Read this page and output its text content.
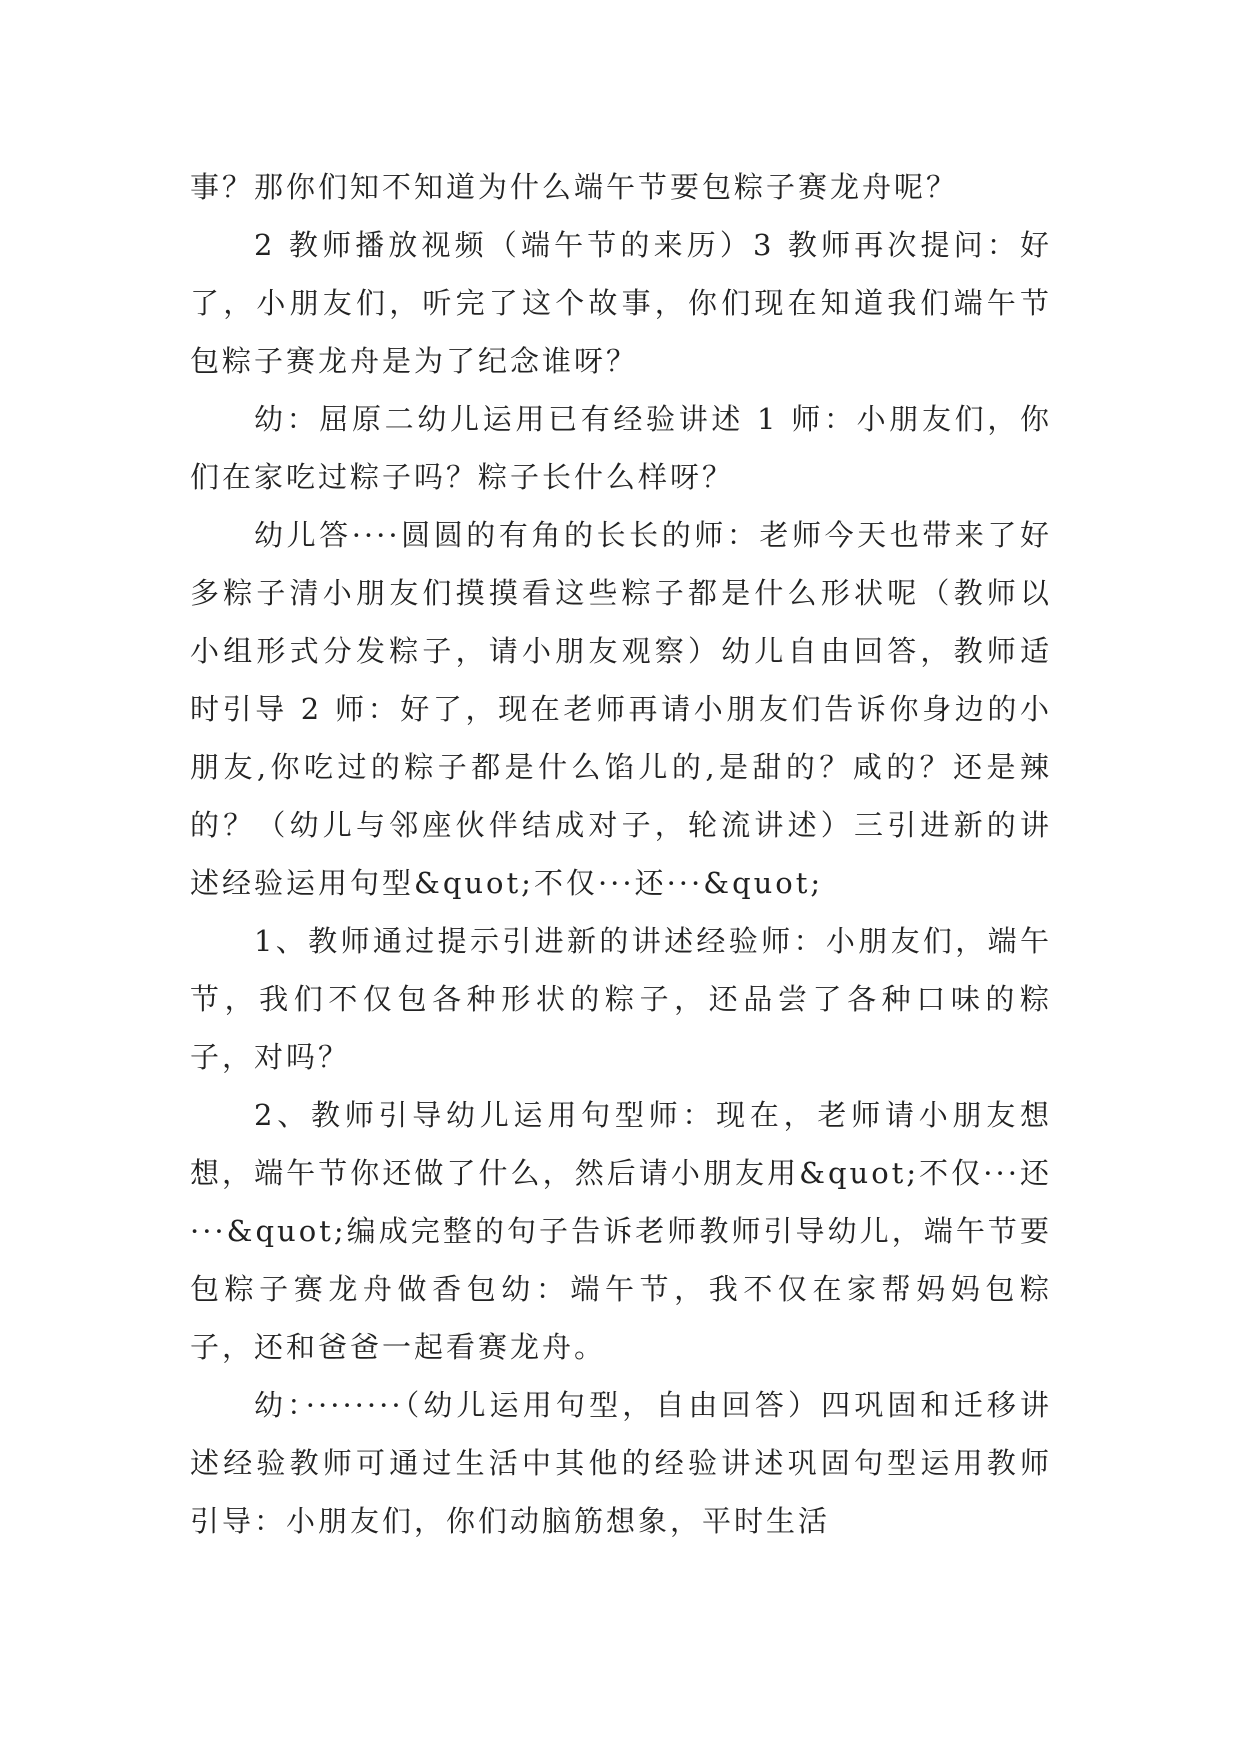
事？那你们知不知道为什么端午节要包粽子赛龙舟呢？

2 教师播放视频（端午节的来历）3 教师再次提问：好了，小朋友们，听完了这个故事，你们现在知道我们端午节包粽子赛龙舟是为了纪念谁呀？

幼：屈原二幼儿运用已有经验讲述 1 师：小朋友们，你们在家吃过粽子吗？粽子长什么样呀？

幼儿答····圆圆的有角的长长的师：老师今天也带来了好多粽子清小朋友们摸摸看这些粽子都是什么形状呢（教师以小组形式分发粽子，请小朋友观察）幼儿自由回答，教师适时引导 2 师：好了，现在老师再请小朋友们告诉你身边的小朋友,你吃过的粽子都是什么馅儿的,是甜的？咸的？还是辣的？（幼儿与邻座伙伴结成对子，轮流讲述）三引进新的讲述经验运用句型&quot;不仅···还···&quot;

1、教师通过提示引进新的讲述经验师：小朋友们，端午节，我们不仅包各种形状的粽子，还品尝了各种口味的粽子，对吗？

2、教师引导幼儿运用句型师：现在，老师请小朋友想想，端午节你还做了什么，然后请小朋友用&quot;不仅···还···&quot;编成完整的句子告诉老师教师引导幼儿，端午节要包粽子赛龙舟做香包幼：端午节，我不仅在家帮妈妈包粽子，还和爸爸一起看赛龙舟。

幼：········（幼儿运用句型，自由回答）四巩固和迁移讲述经验教师可通过生活中其他的经验讲述巩固句型运用教师引导：小朋友们，你们动脑筋想象，平时生活
